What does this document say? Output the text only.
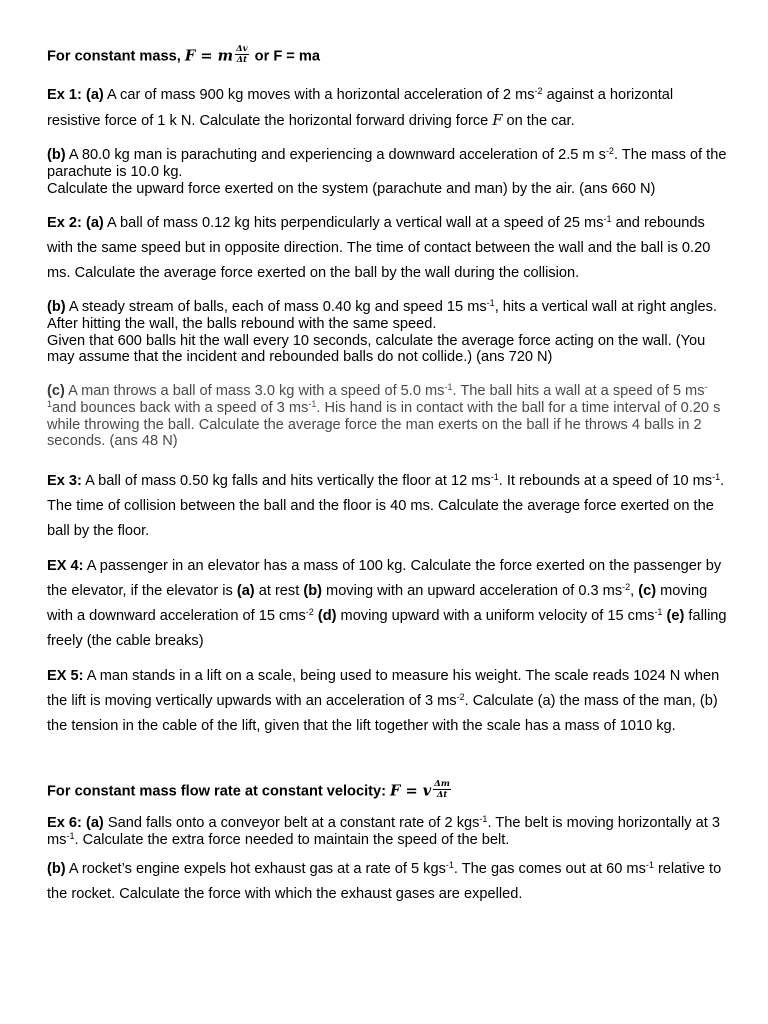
For constant mass, F = m $\frac{\Delta v}{\Delta t}$ or F = ma

Ex 1: (a) A car of mass 900 kg moves with a horizontal acceleration of 2 $ms^{-2}$ against a horizontal resistive force of 1 k N. Calculate the horizontal forward driving force F on the car.

(b) A 80.0 kg man is parachuting and experiencing a downward acceleration of 2.5 m $s^{-2}$. The mass of the parachute is 10.0 kg.
Calculate the upward force exerted on the system (parachute and man) by the air. (ans 660 N)

Ex 2: (a) A ball of mass 0.12 kg hits perpendicularly a vertical wall at a speed of 25 $ms^{-1}$ and rebounds with the same speed but in opposite direction. The time of contact between the wall and the ball is 0.20 ms. Calculate the average force exerted on the ball by the wall during the collision.

(b) A steady stream of balls, each of mass 0.40 kg and speed 15 $ms^{-1}$, hits a vertical wall at right angles. After hitting the wall, the balls rebound with the same speed.
Given that 600 balls hit the wall every 10 seconds, calculate the average force acting on the wall. (You may assume that the incident and rebounded balls do not collide.) (ans 720 N)

(c) A man throws a ball of mass 3.0 kg with a speed of 5.0 $ms^{-1}$. The ball hits a wall at a speed of 5 $ms^{-1}and$ bounces back with a speed of 3 $ms^{-1}$. His hand is in contact with the ball for a time interval of 0.20 s while throwing the ball. Calculate the average force the man exerts on the ball if he throws 4 balls in 2 seconds. (ans 48 N)

Ex 3: A ball of mass 0.50 kg falls and hits vertically the floor at 12 $ms^{-1}$. It rebounds at a speed of 10 $ms^{-1}$. The time of collision between the ball and the floor is 40 ms. Calculate the average force exerted on the ball by the floor.

EX 4: A passenger in an elevator has a mass of 100 kg. Calculate the force exerted on the passenger by the elevator, if the elevator is (a) at rest (b) moving with an upward acceleration of 0.3 $ms^{-2}$, (c) moving with a downward acceleration of 15 cms$^{-2}$ (d) moving upward with a uniform velocity of 15 cms$^{-1}$ (e) falling freely (the cable breaks)

EX 5: A man stands in a lift on a scale, being used to measure his weight. The scale reads 1024 N when the lift is moving vertically upwards with an acceleration of 3 $ms^{-2}$. Calculate (a) the mass of the man, (b) the tension in the cable of the lift, given that the lift together with the scale has a mass of 1010 kg.

For constant mass flow rate at constant velocity: F = v $\frac{\Delta m}{\Delta t}$

Ex 6: (a) Sand falls onto a conveyor belt at a constant rate of 2 kgs$^{-1}$. The belt is moving horizontally at 3 $ms^{-1}$. Calculate the extra force needed to maintain the speed of the belt.

(b) A rocket’s engine expels hot exhaust gas at a rate of 5 kgs$^{-1}$. The gas comes out at 60 $ms^{-1}$ relative to the rocket. Calculate the force with which the exhaust gases are expelled.
